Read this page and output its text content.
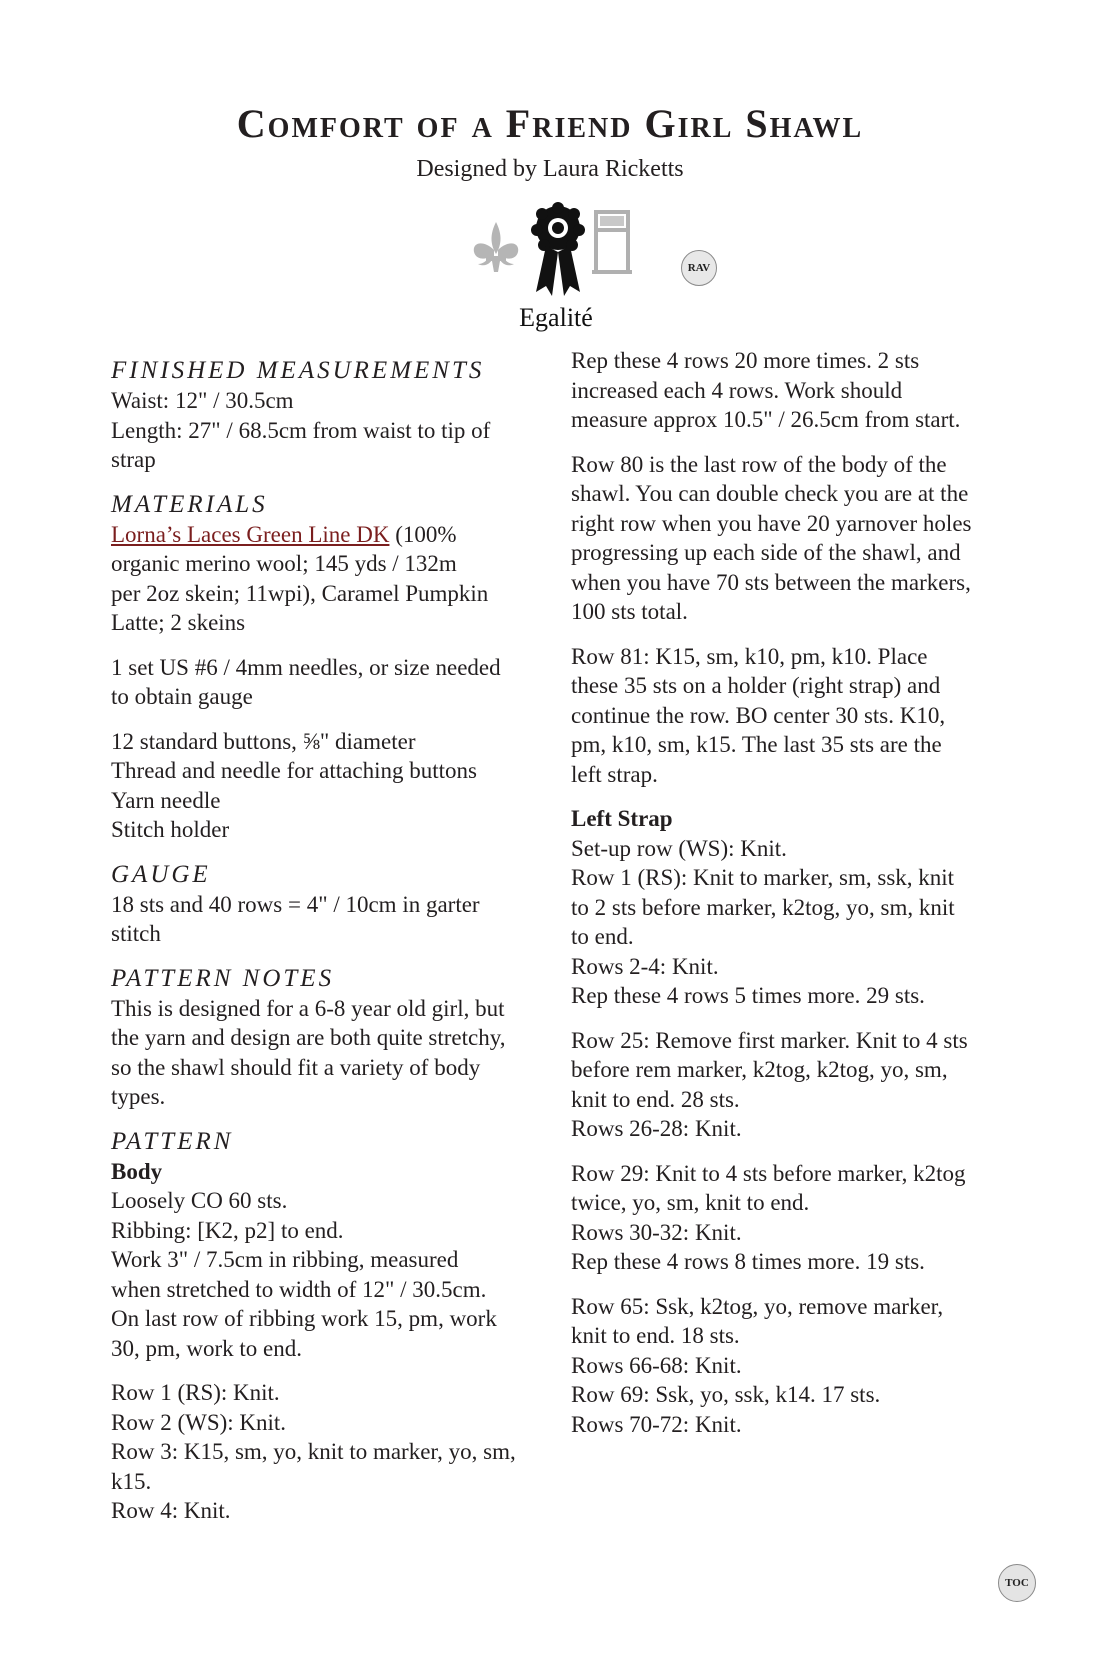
Comfort of a Friend Girl Shawl
Designed by Laura Ricketts
Egalité
RAV
FINISHED MEASUREMENTS
Waist: 12" / 30.5cm
Length: 27" / 68.5cm from waist to tip of
strap
MATERIALS
Lorna’s Laces Green Line DK (100%
organic merino wool; 145 yds / 132m
per 2oz skein; 11wpi), Caramel Pumpkin
Latte; 2 skeins
1 set US #6 / 4mm needles, or size needed
to obtain gauge
12 standard buttons, ⅝" diameter
Thread and needle for attaching buttons
Yarn needle
Stitch holder
GAUGE
18 sts and 40 rows = 4" / 10cm in garter
stitch
PATTERN NOTES
This is designed for a 6-8 year old girl, but
the yarn and design are both quite stretchy,
so the shawl should fit a variety of body
types.
PATTERN
Body
Loosely CO 60 sts.
Ribbing: [K2, p2] to end.
Work 3" / 7.5cm in ribbing, measured
when stretched to width of 12" / 30.5cm.
On last row of ribbing work 15, pm, work
30, pm, work to end.
Row 1 (RS): Knit.
Row 2 (WS): Knit.
Row 3: K15, sm, yo, knit to marker, yo, sm,
k15.
Row 4: Knit.
Rep these 4 rows 20 more times. 2 sts
increased each 4 rows. Work should
measure approx 10.5" / 26.5cm from start.
Row 80 is the last row of the body of the
shawl. You can double check you are at the
right row when you have 20 yarnover holes
progressing up each side of the shawl, and
when you have 70 sts between the markers,
100 sts total.
Row 81: K15, sm, k10, pm, k10. Place
these 35 sts on a holder (right strap) and
continue the row. BO center 30 sts. K10,
pm, k10, sm, k15. The last 35 sts are the
left strap.
Left Strap
Set-up row (WS): Knit.
Row 1 (RS): Knit to marker, sm, ssk, knit
to 2 sts before marker, k2tog, yo, sm, knit
to end.
Rows 2-4: Knit.
Rep these 4 rows 5 times more. 29 sts.
Row 25: Remove first marker. Knit to 4 sts
before rem marker, k2tog, k2tog, yo, sm,
knit to end. 28 sts.
Rows 26-28: Knit.
Row 29: Knit to 4 sts before marker, k2tog
twice, yo, sm, knit to end.
Rows 30-32: Knit.
Rep these 4 rows 8 times more. 19 sts.
Row 65: Ssk, k2tog, yo, remove marker,
knit to end. 18 sts.
Rows 66-68: Knit.
Row 69: Ssk, yo, ssk, k14. 17 sts.
Rows 70-72: Knit.
TOC
